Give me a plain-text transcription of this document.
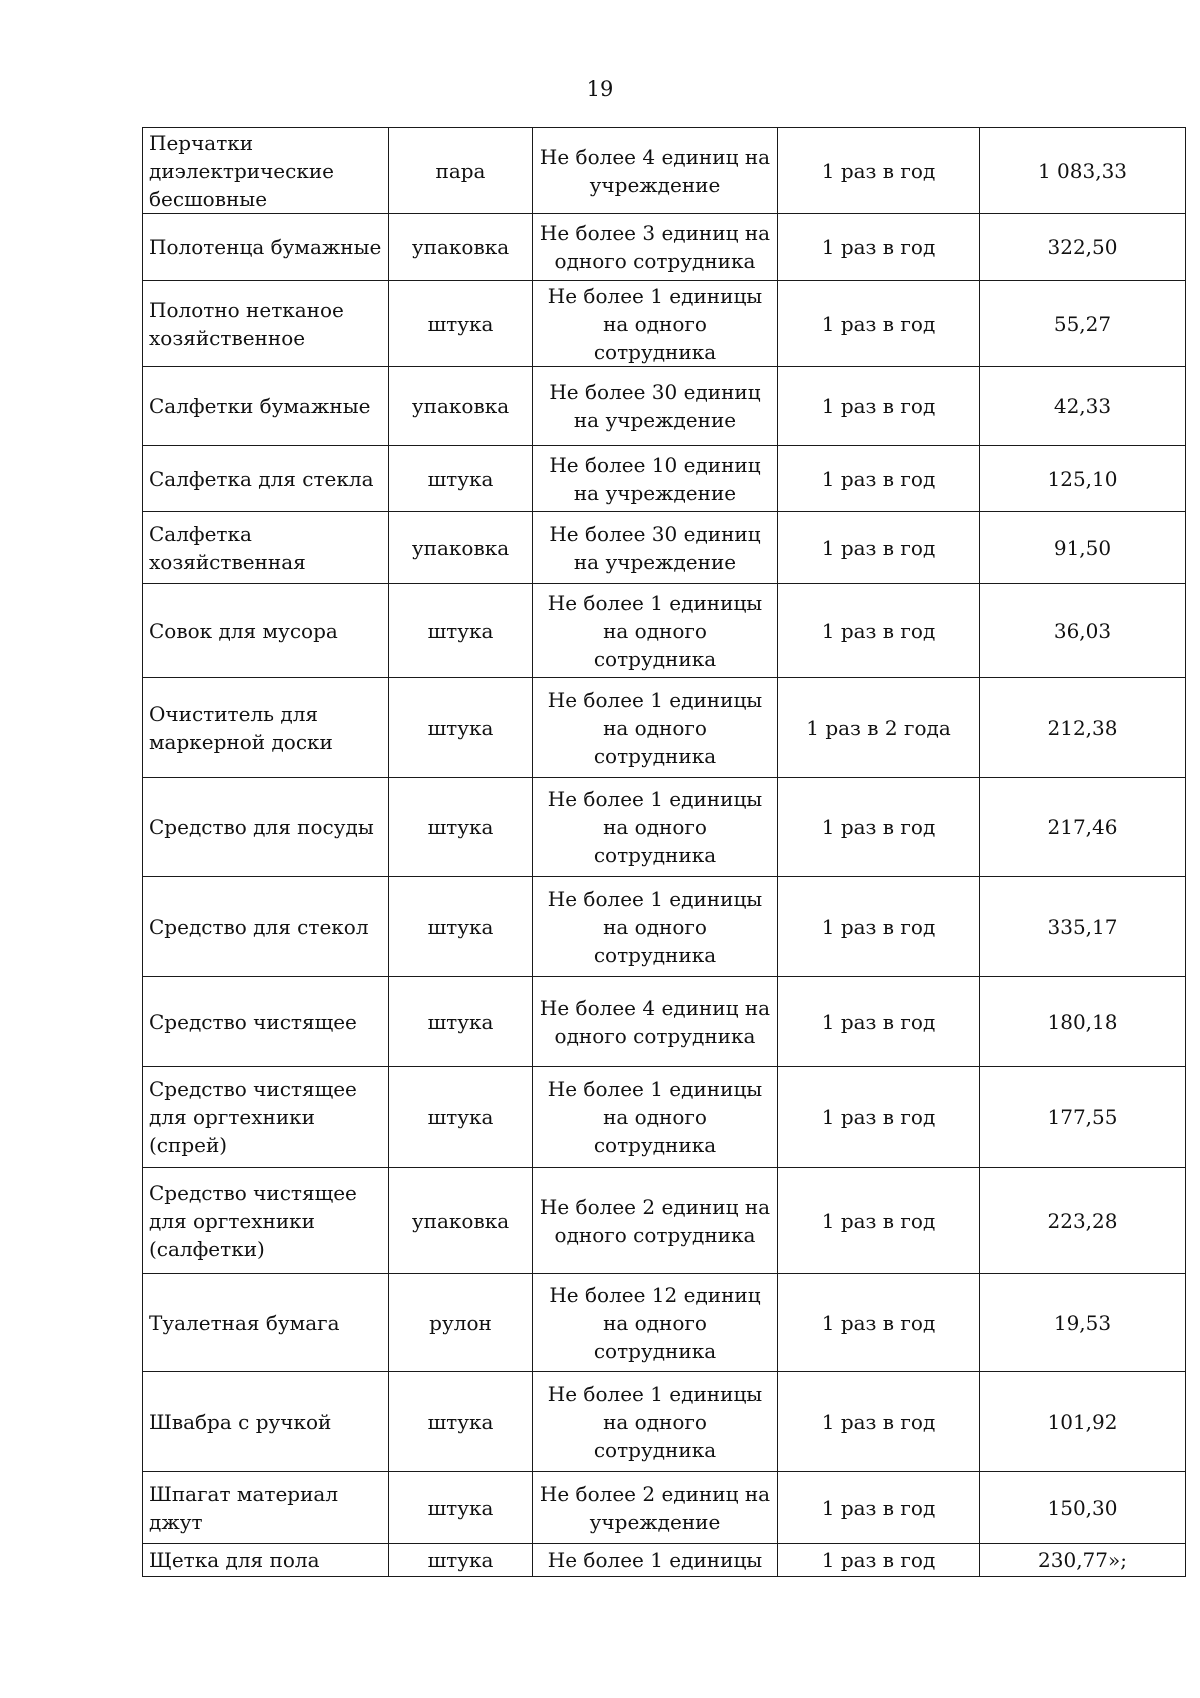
19
Перчатки диэлектрические бесшовные	пара	Не более 4 единиц на учреждение	1 раз в год	1 083,33
Полотенца бумажные	упаковка	Не более 3 единиц на одного сотрудника	1 раз в год	322,50
Полотно нетканое хозяйственное	штука	Не более 1 единицы на одного сотрудника	1 раз в год	55,27
Салфетки бумажные	упаковка	Не более 30 единиц на учреждение	1 раз в год	42,33
Салфетка для стекла	штука	Не более 10 единиц на учреждение	1 раз в год	125,10
Салфетка хозяйственная	упаковка	Не более 30 единиц на учреждение	1 раз в год	91,50
Совок для мусора	штука	Не более 1 единицы на одного сотрудника	1 раз в год	36,03
Очиститель для маркерной доски	штука	Не более 1 единицы на одного сотрудника	1 раз в 2 года	212,38
Средство для посуды	штука	Не более 1 единицы на одного сотрудника	1 раз в год	217,46
Средство для стекол	штука	Не более 1 единицы на одного сотрудника	1 раз в год	335,17
Средство чистящее	штука	Не более 4 единиц на одного сотрудника	1 раз в год	180,18
Средство чистящее для оргтехники (спрей)	штука	Не более 1 единицы на одного сотрудника	1 раз в год	177,55
Средство чистящее для оргтехники (салфетки)	упаковка	Не более 2 единиц на одного сотрудника	1 раз в год	223,28
Туалетная бумага	рулон	Не более 12 единиц на одного сотрудника	1 раз в год	19,53
Швабра с ручкой	штука	Не более 1 единицы на одного сотрудника	1 раз в год	101,92
Шпагат материал джут	штука	Не более 2 единиц на учреждение	1 раз в год	150,30
Щетка для пола	штука	Не более 1 единицы	1 раз в год	230,77»;
